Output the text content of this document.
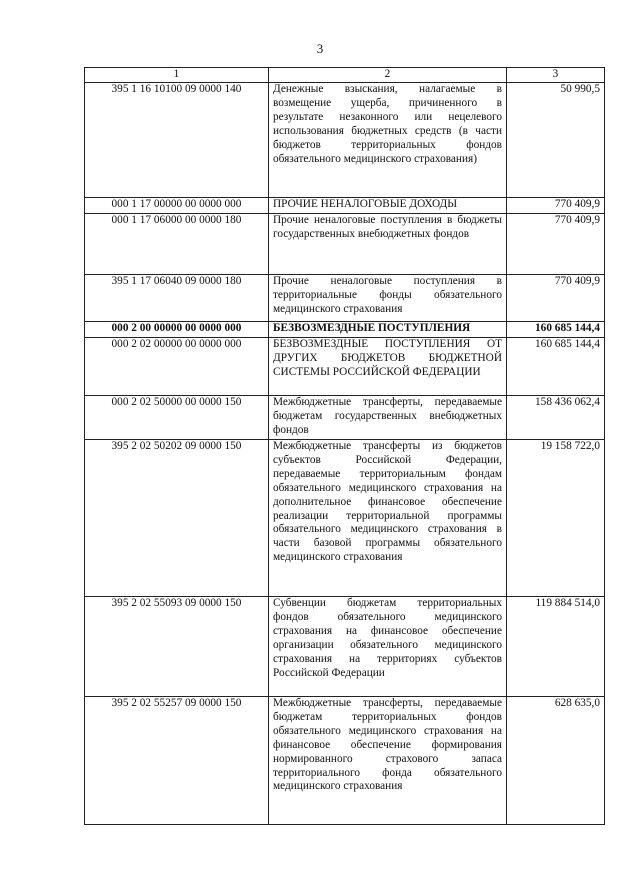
3
1	2	3
395 1 16 10100 09 0000 140	Денежные взыскания, налагаемые в возмещение ущерба, причиненного в результате незаконного или нецелевого использования бюджетных средств (в части бюджетов территориальных фондов обязательного медицинского страхования)	50 990,5
000 1 17 00000 00 0000 000	ПРОЧИЕ НЕНАЛОГОВЫЕ ДОХОДЫ	770 409,9
000 1 17 06000 00 0000 180	Прочие неналоговые поступления в бюджеты государственных внебюджетных фондов	770 409,9
395 1 17 06040 09 0000 180	Прочие неналоговые поступления в территориальные фонды обязательного медицинского страхования	770 409,9
000 2 00 00000 00 0000 000	БЕЗВОЗМЕЗДНЫЕ ПОСТУПЛЕНИЯ	160 685 144,4
000 2 02 00000 00 0000 000	БЕЗВОЗМЕЗДНЫЕ ПОСТУПЛЕНИЯ ОТ ДРУГИХ БЮДЖЕТОВ БЮДЖЕТНОЙ СИСТЕМЫ РОССИЙСКОЙ ФЕДЕРАЦИИ	160 685 144,4
000 2 02 50000 00 0000 150	Межбюджетные трансферты, передаваемые бюджетам государственных внебюджетных фондов	158 436 062,4
395 2 02 50202 09 0000 150	Межбюджетные трансферты из бюджетов субъектов Российской Федерации, передаваемые территориальным фондам обязательного медицинского страхования на дополнительное финансовое обеспечение реализации территориальной программы обязательного медицинского страхования в части базовой программы обязательного медицинского страхования	19 158 722,0
395 2 02 55093 09 0000 150	Субвенции бюджетам территориальных фондов обязательного медицинского страхования на финансовое обеспечение организации обязательного медицинского страхования на территориях субъектов Российской Федерации	119 884 514,0
395 2 02 55257 09 0000 150	Межбюджетные трансферты, передаваемые бюджетам территориальных фондов обязательного медицинского страхования на финансовое обеспечение формирования нормированного страхового запаса территориального фонда обязательного медицинского страхования	628 635,0
